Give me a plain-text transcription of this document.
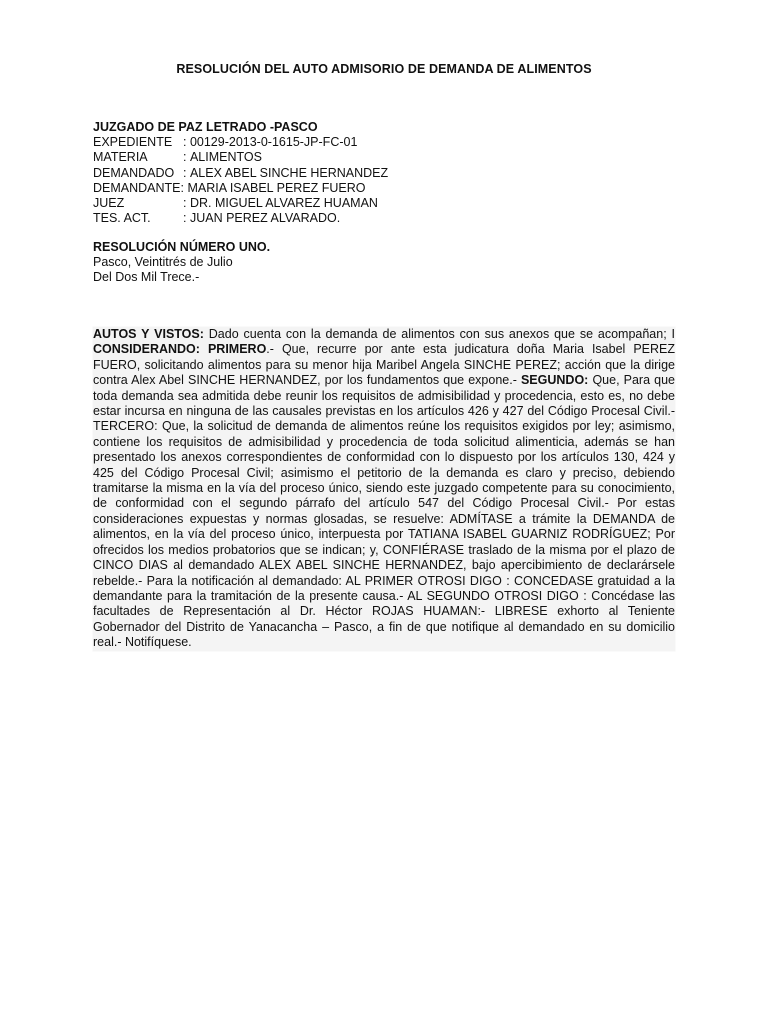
RESOLUCIÓN DEL AUTO ADMISORIO DE DEMANDA DE ALIMENTOS
JUZGADO DE PAZ LETRADO -PASCO
EXPEDIENTE : 00129-2013-0-1615-JP-FC-01
MATERIA	: ALIMENTOS
DEMANDADO : ALEX ABEL SINCHE HERNANDEZ
DEMANDANTE:
MARIA ISABEL PEREZ FUERO
JUEZ	: DR. MIGUEL ALVAREZ HUAMAN
TES. ACT.	: JUAN PEREZ ALVARADO.
RESOLUCIÓN NÚMERO UNO.
Pasco, Veintitrés de Julio
Del Dos Mil Trece.-
AUTOS Y VISTOS: Dado cuenta con la demanda de alimentos con sus anexos que se acompañan; I CONSIDERANDO: PRIMERO.- Que, recurre por ante esta judicatura doña Maria Isabel PEREZ FUERO, solicitando alimentos para su menor hija Maribel Angela SINCHE PEREZ; acción que la dirige contra Alex Abel SINCHE HERNANDEZ, por los fundamentos que expone.- SEGUNDO: Que, Para que toda demanda sea admitida debe reunir los requisitos de admisibilidad y procedencia, esto es, no debe estar incursa en ninguna de las causales previstas en los artículos 426 y 427 del Código Procesal Civil.- TERCERO: Que, la solicitud de demanda de alimentos reúne los requisitos exigidos por ley; asimismo, contiene los requisitos de admisibilidad y procedencia de toda solicitud alimenticia, además se han presentado los anexos correspondientes de conformidad con lo dispuesto por los artículos 130, 424 y 425 del Código Procesal Civil; asimismo el petitorio de la demanda es claro y preciso, debiendo tramitarse la misma en la vía del proceso único, siendo este juzgado competente para su conocimiento, de conformidad con el segundo párrafo del artículo 547 del Código Procesal Civil.- Por estas consideraciones expuestas y normas glosadas, se resuelve: ADMÍTASE a trámite la DEMANDA de alimentos, en la vía del proceso único, interpuesta por TATIANA ISABEL GUARNIZ RODRÍGUEZ; Por ofrecidos los medios probatorios que se indican; y, CONFIÉRASE traslado de la misma por el plazo de CINCO DIAS al demandado ALEX ABEL SINCHE HERNANDEZ, bajo apercibimiento de declarársele rebelde.- Para la notificación al demandado: AL PRIMER OTROSI DIGO : CONCEDASE gratuidad a la demandante para la tramitación de la presente causa.- AL SEGUNDO OTROSI DIGO : Concédase las facultades de Representación al Dr. Héctor ROJAS HUAMAN:- LIBRESE exhorto al Teniente Gobernador del Distrito de Yanacancha – Pasco, a fin de que notifique al demandado en su domicilio real.- Notifíquese.
